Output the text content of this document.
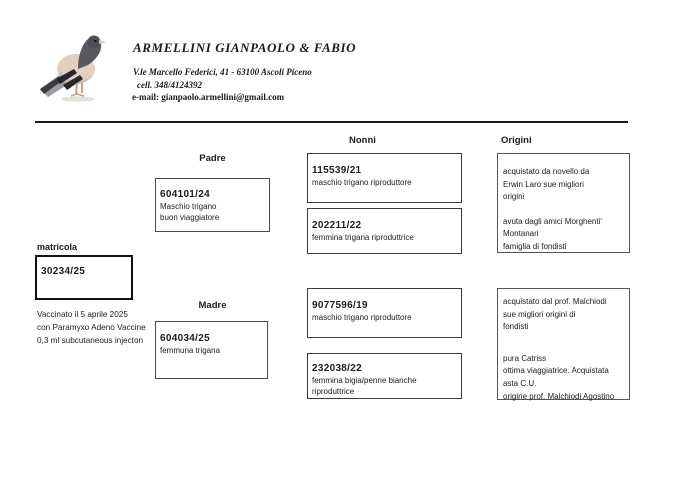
ARMELLINI GIANPAOLO & FABIO
V.le Marcello Federici, 41 - 63100 Ascoli Piceno
cell. 348/4124392
e-mail: gianpaolo.armellini@gmail.com
Nonni	Origini
Padre
Madre
matricola
30234/25
Vaccinato il 5 aprile 2025
con Paramyxo Adeno Vaccine
0,3 ml subcutaneous injecton
604101/24
Maschio trigano
buon viaggiatore
604034/25
femmuna trigana
115539/21
maschio trigano riproduttore
202211/22
femmina trigana riproduttrice
9077596/19
maschio trigano riproduttore
232038/22
femmina bigia/penne bianche
riproduttrice
acquistato da novello da
Erwin Laro sue migliori
origini
avuta dagli amici Morghenti'
Montanari
famiglia di fondisti
acquistato dal prof. Malchiodi
sue migliori origini di
fondisti
pura Catriss
ottima viaggiatrice. Acquistata
asta C.U.
origine prof. Malchiodi Agostino
